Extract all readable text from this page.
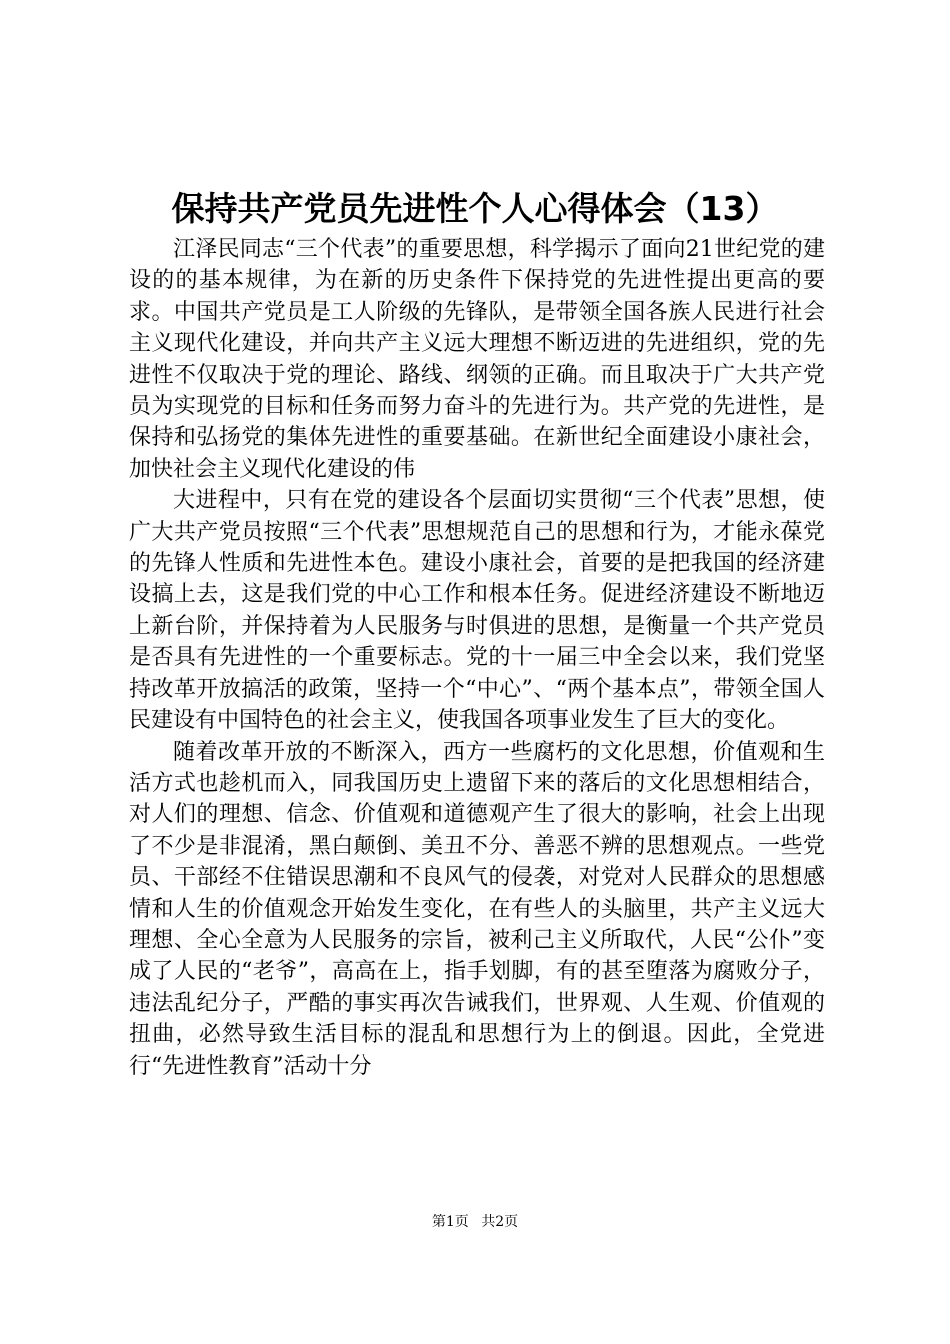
保持共产党员先进性个人心得体会（13）

江泽民同志“三个代表”的重要思想，科学揭示了面向21世纪党的建设的的基本规律，为在新的历史条件下保持党的先进性提出更高的要求。中国共产党员是工人阶级的先锋队，是带领全国各族人民进行社会主义现代化建设，并向共产主义远大理想不断迈进的先进组织，党的先进性不仅取决于党的理论、路线、纲领的正确。而且取决于广大共产党员为实现党的目标和任务而努力奋斗的先进行为。共产党的先进性，是保持和弘扬党的集体先进性的重要基础。在新世纪全面建设小康社会，加快社会主义现代化建设的伟

大进程中，只有在党的建设各个层面切实贯彻“三个代表”思想，使广大共产党员按照“三个代表”思想规范自己的思想和行为，才能永葆党的先锋人性质和先进性本色。建设小康社会，首要的是把我国的经济建设搞上去，这是我们党的中心工作和根本任务。促进经济建设不断地迈上新台阶，并保持着为人民服务与时俱进的思想，是衡量一个共产党员是否具有先进性的一个重要标志。党的十一届三中全会以来，我们党坚持改革开放搞活的政策，坚持一个“中心”、“两个基本点”，带领全国人民建设有中国特色的社会主义，使我国各项事业发生了巨大的变化。

随着改革开放的不断深入，西方一些腐朽的文化思想，价值观和生活方式也趁机而入，同我国历史上遗留下来的落后的文化思想相结合，对人们的理想、信念、价值观和道德观产生了很大的影响，社会上出现了不少是非混淆，黑白颠倒、美丑不分、善恶不辨的思想观点。一些党员、干部经不住错误思潮和不良风气的侵袭，对党对人民群众的思想感情和人生的价值观念开始发生变化，在有些人的头脑里，共产主义远大理想、全心全意为人民服务的宗旨，被利己主义所取代，人民“公仆”变成了人民的“老爷”，高高在上，指手划脚，有的甚至堕落为腐败分子，违法乱纪分子，严酷的事实再次告诫我们，世界观、人生观、价值观的扭曲，必然导致生活目标的混乱和思想行为上的倒退。因此，全党进行“先进性教育”活动十分

第1页 共2页
